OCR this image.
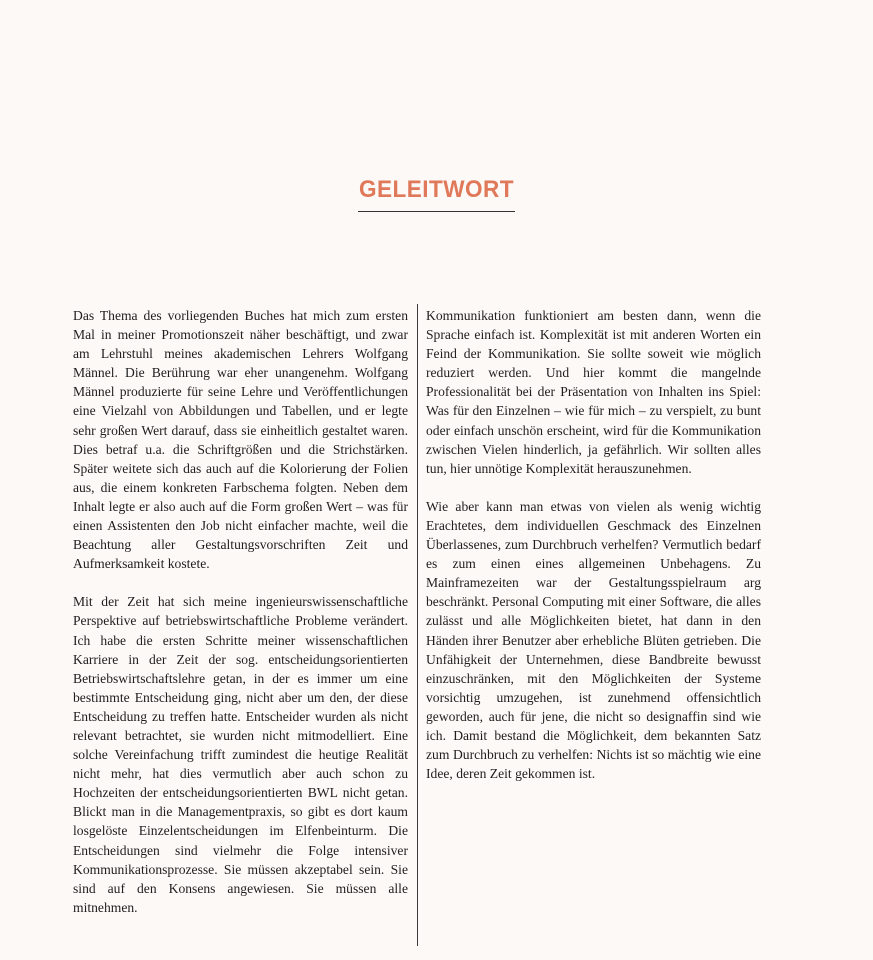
GELEITWORT

Das Thema des vorliegenden Buches hat mich zum ersten Mal in meiner Promotionszeit näher beschäftigt, und zwar am Lehrstuhl meines akademischen Lehrers Wolfgang Männel. Die Berührung war eher unangenehm. Wolfgang Männel produzierte für seine Lehre und Veröffentlichungen eine Vielzahl von Abbildungen und Tabellen, und er legte sehr großen Wert darauf, dass sie einheitlich gestaltet waren. Dies betraf u.a. die Schriftgrößen und die Strichstärken. Später weitete sich das auch auf die Kolorierung der Folien aus, die einem konkreten Farbschema folgten. Neben dem Inhalt legte er also auch auf die Form großen Wert – was für einen Assistenten den Job nicht einfacher machte, weil die Beachtung aller Gestaltungsvorschriften Zeit und Aufmerksamkeit kostete.

Mit der Zeit hat sich meine ingenieurswissenschaftliche Perspektive auf betriebswirtschaftliche Probleme verändert. Ich habe die ersten Schritte meiner wissenschaftlichen Karriere in der Zeit der sog. entscheidungsorientierten Betriebswirtschaftslehre getan, in der es immer um eine bestimmte Entscheidung ging, nicht aber um den, der diese Entscheidung zu treffen hatte. Entscheider wurden als nicht relevant betrachtet, sie wurden nicht mitmodelliert. Eine solche Vereinfachung trifft zumindest die heutige Realität nicht mehr, hat dies vermutlich aber auch schon zu Hochzeiten der entscheidungsorientierten BWL nicht getan. Blickt man in die Managementpraxis, so gibt es dort kaum losgelöste Einzelentscheidungen im Elfenbeinturm. Die Entscheidungen sind vielmehr die Folge intensiver Kommunikationsprozesse. Sie müssen akzeptabel sein. Sie sind auf den Konsens angewiesen. Sie müssen alle mitnehmen.

Kommunikation funktioniert am besten dann, wenn die Sprache einfach ist. Komplexität ist mit anderen Worten ein Feind der Kommunikation. Sie sollte soweit wie möglich reduziert werden. Und hier kommt die mangelnde Professionalität bei der Präsentation von Inhalten ins Spiel: Was für den Einzelnen – wie für mich – zu verspielt, zu bunt oder einfach unschön erscheint, wird für die Kommunikation zwischen Vielen hinderlich, ja gefährlich. Wir sollten alles tun, hier unnötige Komplexität herauszunehmen.

Wie aber kann man etwas von vielen als wenig wichtig Erachtetes, dem individuellen Geschmack des Einzelnen Überlassenes, zum Durchbruch verhelfen? Vermutlich bedarf es zum einen eines allgemeinen Unbehagens. Zu Mainframezeiten war der Gestaltungsspielraum arg beschränkt. Personal Computing mit einer Software, die alles zulässt und alle Möglichkeiten bietet, hat dann in den Händen ihrer Benutzer aber erhebliche Blüten getrieben. Die Unfähigkeit der Unternehmen, diese Bandbreite bewusst einzuschränken, mit den Möglichkeiten der Systeme vorsichtig umzugehen, ist zunehmend offensichtlich geworden, auch für jene, die nicht so designaffin sind wie ich. Damit bestand die Möglichkeit, dem bekannten Satz zum Durchbruch zu verhelfen: Nichts ist so mächtig wie eine Idee, deren Zeit gekommen ist.
